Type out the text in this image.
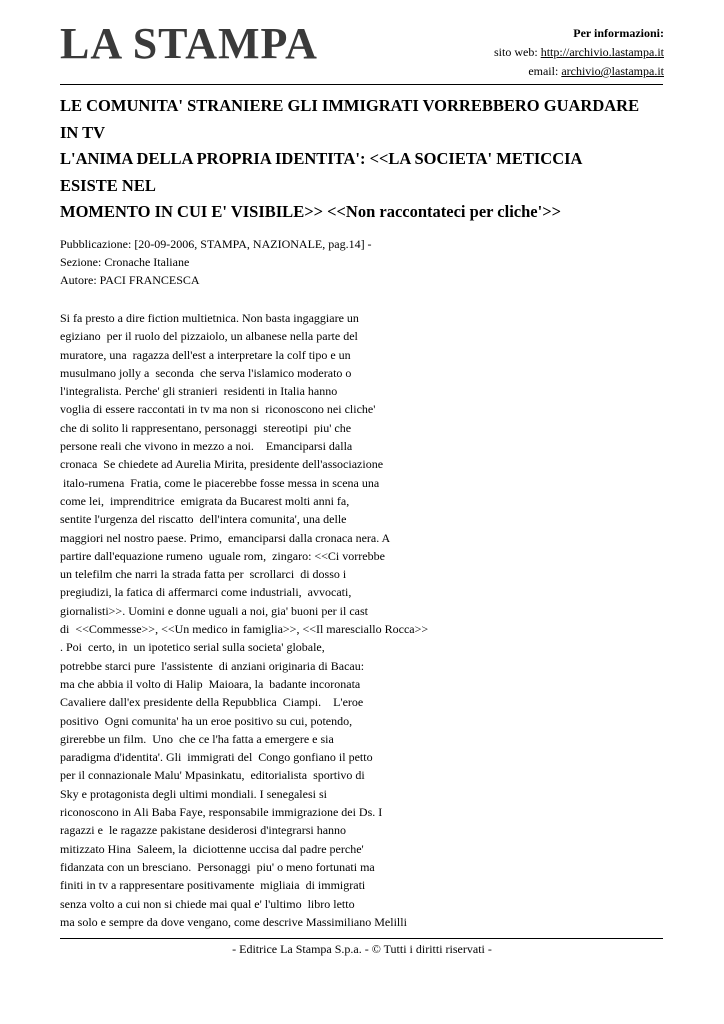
LA STAMPA	Per informazioni:
sito web: http://archivio.lastampa.it
email: archivio@lastampa.it
LE COMUNITA' STRANIERE GLI IMMIGRATI VORREBBERO GUARDARE
IN TV
L'ANIMA DELLA PROPRIA IDENTITA': <<LA SOCIETA' METICCIA
ESISTE NEL
MOMENTO IN CUI E' VISIBILE>> <<Non raccontateci per cliche'>>
Pubblicazione: [20-09-2006, STAMPA, NAZIONALE, pag.14] -
Sezione: Cronache Italiane
Autore: PACI FRANCESCA
Si fa presto a dire fiction multietnica. Non basta ingaggiare un
egiziano  per il ruolo del pizzaiolo, un albanese nella parte del
muratore, una  ragazza dell'est a interpretare la colf tipo e un
musulmano jolly a  seconda  che serva l'islamico moderato o
l'integralista. Perche' gli stranieri  residenti in Italia hanno
voglia di essere raccontati in tv ma non si  riconoscono nei cliche'
che di solito li rappresentano, personaggi  stereotipi  piu' che
persone reali che vivono in mezzo a noi.    Emanciparsi dalla
cronaca  Se chiedete ad Aurelia Mirita, presidente dell'associazione
italo-rumena  Fratia, come le piacerebbe fosse messa in scena una
come lei,  imprenditrice  emigrata da Bucarest molti anni fa,
sentite l'urgenza del riscatto  dell'intera comunita', una delle
maggiori nel nostro paese. Primo,  emanciparsi dalla cronaca nera. A
partire dall'equazione rumeno  uguale rom,  zingaro: <<Ci vorrebbe
un telefilm che narri la strada fatta per  scrollarci  di dosso i
pregiudizi, la fatica di affermarci come industriali,  avvocati,
giornalisti>>. Uomini e donne uguali a noi, gia' buoni per il cast
di  <<Commesse>>, <<Un medico in famiglia>>, <<Il maresciallo Rocca>>
. Poi  certo, in  un ipotetico serial sulla societa' globale,
potrebbe starci pure  l'assistente  di anziani originaria di Bacau:
ma che abbia il volto di Halip  Maioara, la  badante incoronata
Cavaliere dall'ex presidente della Repubblica  Ciampi.    L'eroe
positivo  Ogni comunita' ha un eroe positivo su cui, potendo,
girerebbe un film.  Uno  che ce l'ha fatta a emergere e sia
paradigma d'identita'. Gli  immigrati del  Congo gonfiano il petto
per il connazionale Malu' Mpasinkatu,  editorialista  sportivo di
Sky e protagonista degli ultimi mondiali. I senegalesi si
riconoscono in Ali Baba Faye, responsabile immigrazione dei Ds. I
ragazzi e  le ragazze pakistane desiderosi d'integrarsi hanno
mitizzato Hina  Saleem, la  diciottenne uccisa dal padre perche'
fidanzata con un bresciano.  Personaggi  piu' o meno fortunati ma
finiti in tv a rappresentare positivamente  migliaia  di immigrati
senza volto a cui non si chiede mai qual e' l'ultimo  libro letto
ma solo e sempre da dove vengano, come descrive Massimiliano Melilli
- Editrice La Stampa S.p.a. - © Tutti i diritti riservati -
